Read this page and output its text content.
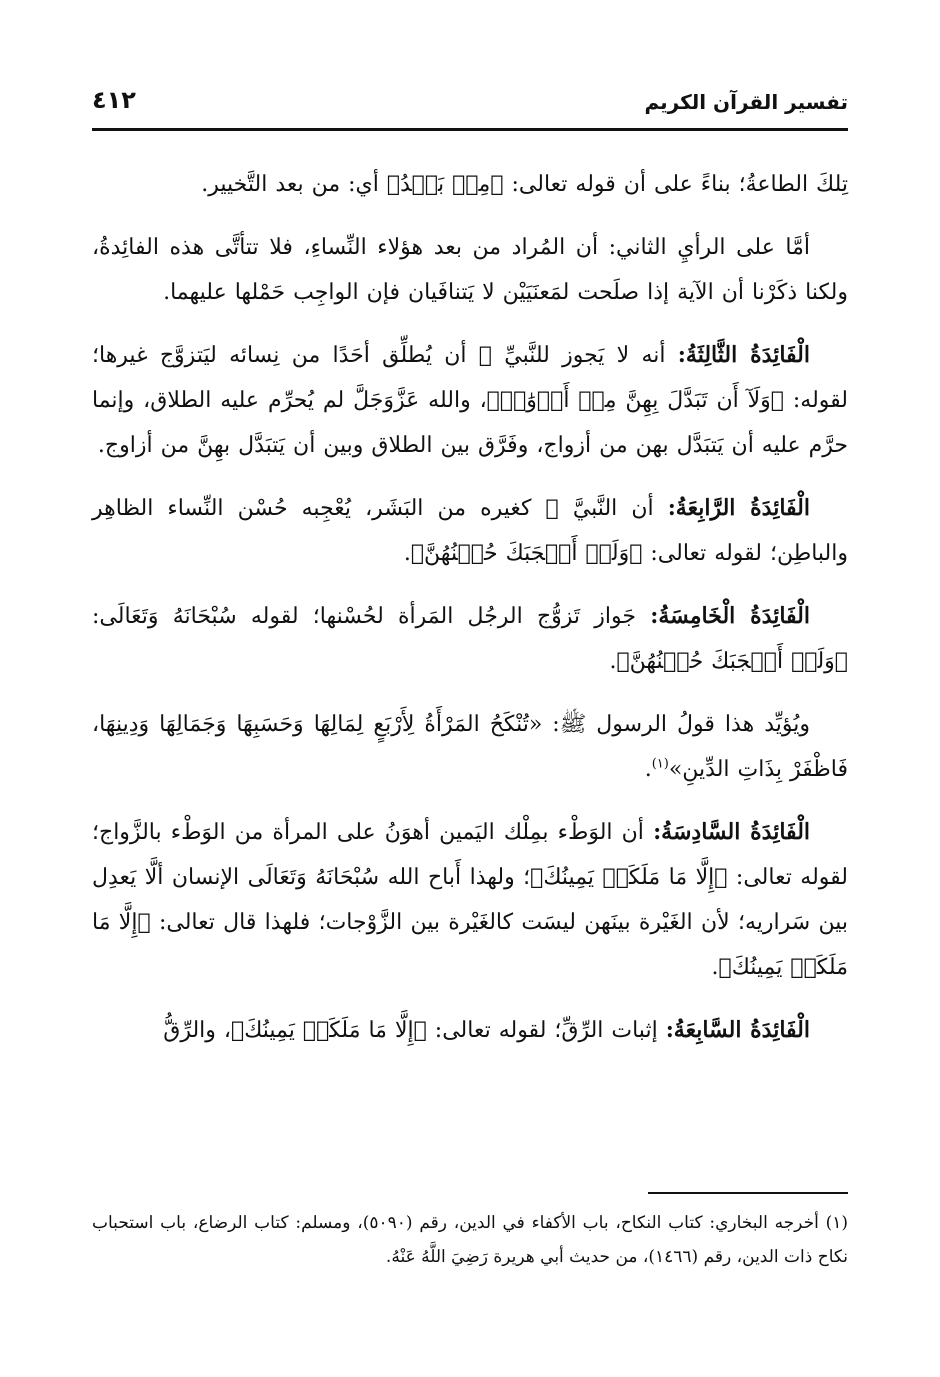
تفسير القرآن الكريم
٤١٢

تِلكَ الطاعةُ؛ بناءً على أن قوله تعالى: ﴿مِنۢ بَعۡدُ﴾ أي: من بعد التَّخيير.

أمَّا على الرأيِ الثاني: أن المُراد من بعد هؤلاء النِّساءِ، فلا تتأتَّى هذه الفائِدةُ، ولكنا ذكَرْنا أن الآية إذا صلَحت لمَعنَيَيْن لا يَتنافَيان فإن الواجِب حَمْلها عليهما.

الْفَائِدَةُ الثَّالِثَةُ: أنه لا يَجوز للنَّبيِّ ﷺ أن يُطلِّق أحَدًا من نِسائه ليَتزوَّج غيرها؛ لقوله: ﴿وَلَآ أَن تَبَدَّلَ بِهِنَّ مِنۡ أَزۡوَٰجٖ﴾، والله عَزَّوَجَلَّ لم يُحرِّم عليه الطلاق، وإنما حرَّم عليه أن يَتبَدَّل بهن من أزواج، وفَرَّق بين الطلاق وبين أن يَتبَدَّل بهِنَّ من أزاوج.

الْفَائِدَةُ الرَّابِعَةُ: أن النَّبيَّ ﷺ كغيره من البَشَر، يُعْجِبه حُسْن النِّساء الظاهِر والباطِن؛ لقوله تعالى: ﴿وَلَوۡ أَعۡجَبَكَ حُسۡنُهُنَّ﴾.

الْفَائِدَةُ الْخَامِسَةُ: جَواز تَزوُّج الرجُل المَرأة لحُسْنها؛ لقوله سُبْحَانَهُ وَتَعَالَى: ﴿وَلَوۡ أَعۡجَبَكَ حُسۡنُهُنَّ﴾.

ويُؤيِّد هذا قولُ الرسول ﷺ: «تُنْكَحُ المَرْأَةُ لِأَرْبَعٍ لِمَالِهَا وَحَسَبِهَا وَجَمَالِهَا وَدِينِهَا، فَاظْفَرْ بِذَاتِ الدِّينِ»$^{(١)}$.

الْفَائِدَةُ السَّادِسَةُ: أن الوَطْء بمِلْك اليَمين أهوَنُ على المرأة من الوَطْء بالزَّواج؛ لقوله تعالى: ﴿إِلَّا مَا مَلَكَتۡ يَمِينُكَ﴾؛ ولهذا أَباح الله سُبْحَانَهُ وَتَعَالَى الإنسان ألَّا يَعدِل بين سَراريه؛ لأن الغَيْرة بينَهن ليسَت كالغَيْرة بين الزَّوْجات؛ فلهذا قال تعالى: ﴿إِلَّا مَا مَلَكَتۡ يَمِينُكَ﴾.

الْفَائِدَةُ السَّابِعَةُ: إثبات الرِّقِّ؛ لقوله تعالى: ﴿إِلَّا مَا مَلَكَتۡ يَمِينُكَ﴾، والرِّقُّ

(١) أخرجه البخاري: كتاب النكاح، باب الأكفاء في الدين، رقم (٥٠٩٠)، ومسلم: كتاب الرضاع، باب استحباب نكاح ذات الدين، رقم (١٤٦٦)، من حديث أبي هريرة رَضِيَ اللَّهُ عَنْهُ.
